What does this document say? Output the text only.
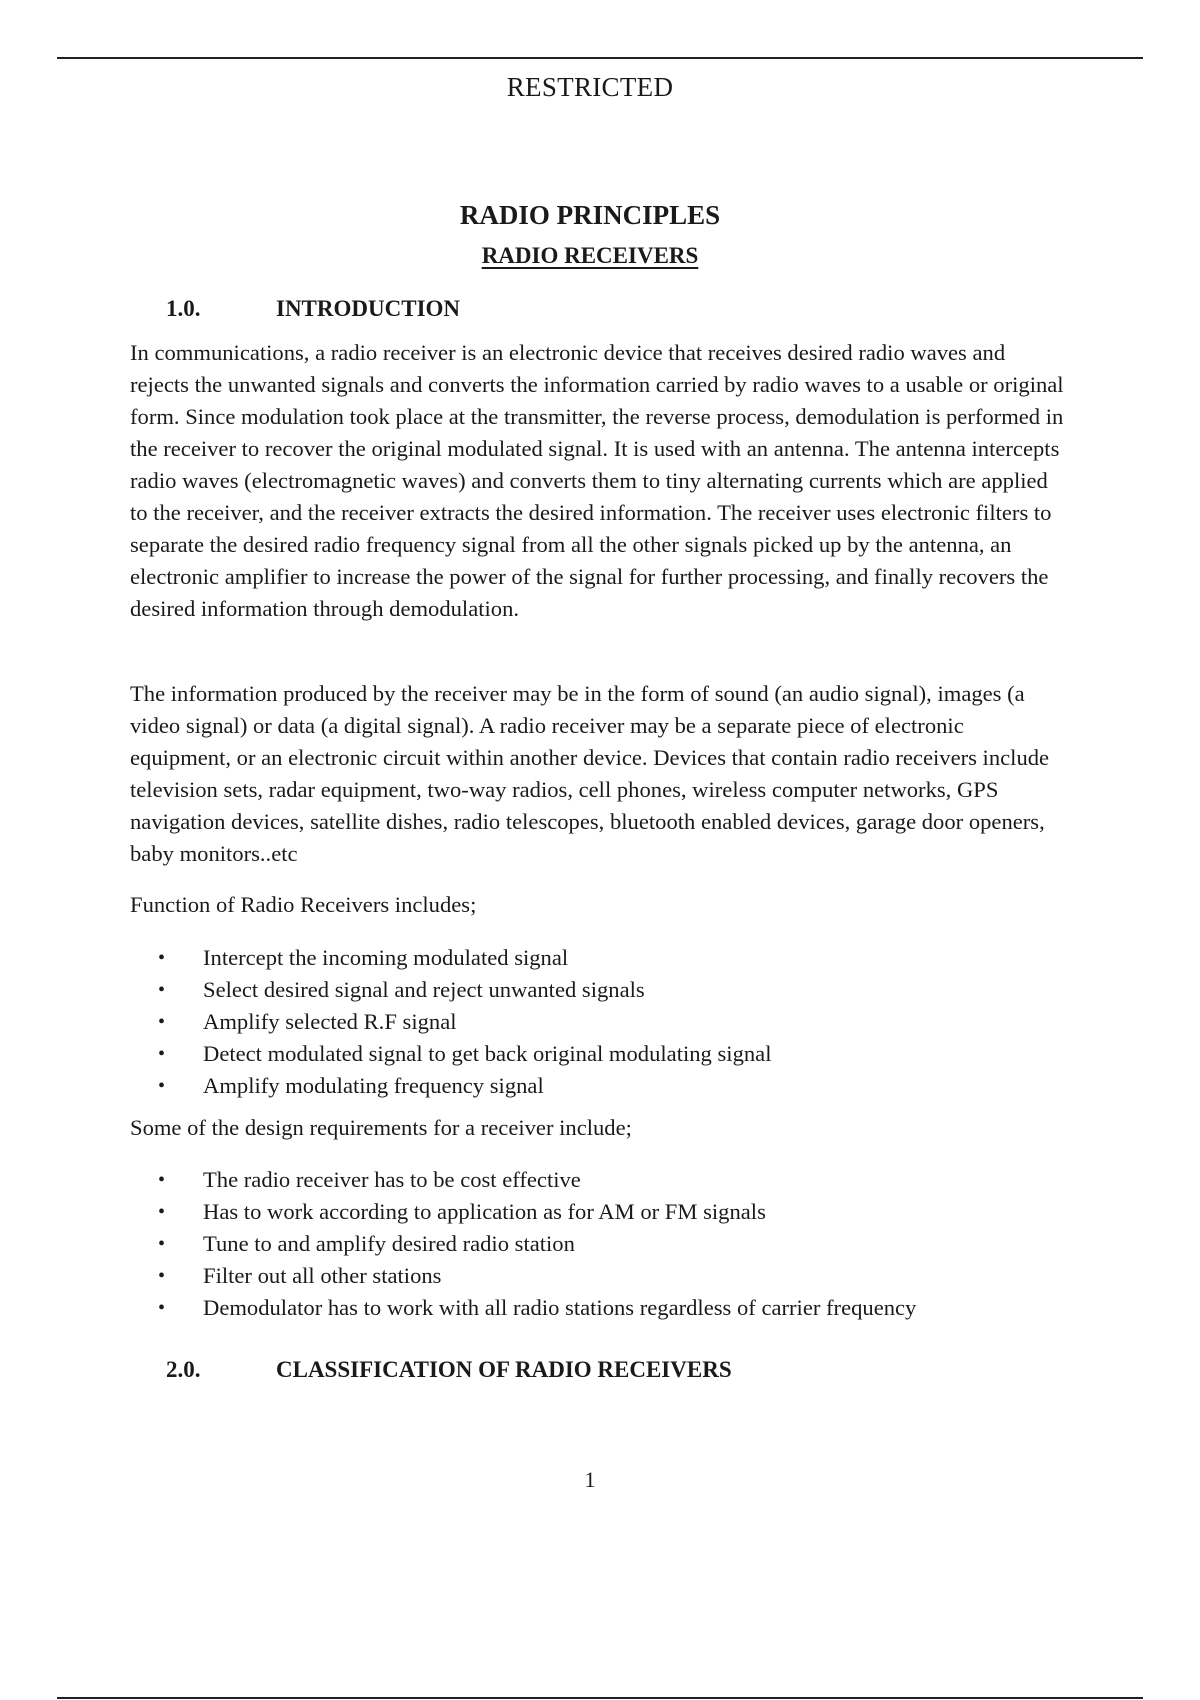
RESTRICTED
RADIO PRINCIPLES
RADIO RECEIVERS
1.0.	INTRODUCTION

In communications, a radio receiver is an electronic device that receives desired radio waves and rejects the unwanted signals and converts the information carried by radio waves to a usable or original form. Since modulation took place at the transmitter, the reverse process, demodulation is performed in the receiver to recover the original modulated signal. It is used with an antenna. The antenna intercepts radio waves (electromagnetic waves) and converts them to tiny alternating currents which are applied to the receiver, and the receiver extracts the desired information. The receiver uses electronic filters to separate the desired radio frequency signal from all the other signals picked up by the antenna, an electronic amplifier to increase the power of the signal for further processing, and finally recovers the desired information through demodulation.

The information produced by the receiver may be in the form of sound (an audio signal), images (a video signal) or data (a digital signal). A radio receiver may be a separate piece of electronic equipment, or an electronic circuit within another device. Devices that contain radio receivers include television sets, radar equipment, two-way radios, cell phones, wireless computer networks, GPS navigation devices, satellite dishes, radio telescopes, bluetooth enabled devices, garage door openers, baby monitors..etc

Function of Radio Receivers includes;

• Intercept the incoming modulated signal
• Select desired signal and reject unwanted signals
• Amplify selected R.F signal
• Detect modulated signal to get back original modulating signal
• Amplify modulating frequency signal

Some of the design requirements for a receiver include;

• The radio receiver has to be cost effective
• Has to work according to application as for AM or FM signals
• Tune to and amplify desired radio station
• Filter out all other stations
• Demodulator has to work with all radio stations regardless of carrier frequency
2.0.	CLASSIFICATION OF RADIO RECEIVERS
1
